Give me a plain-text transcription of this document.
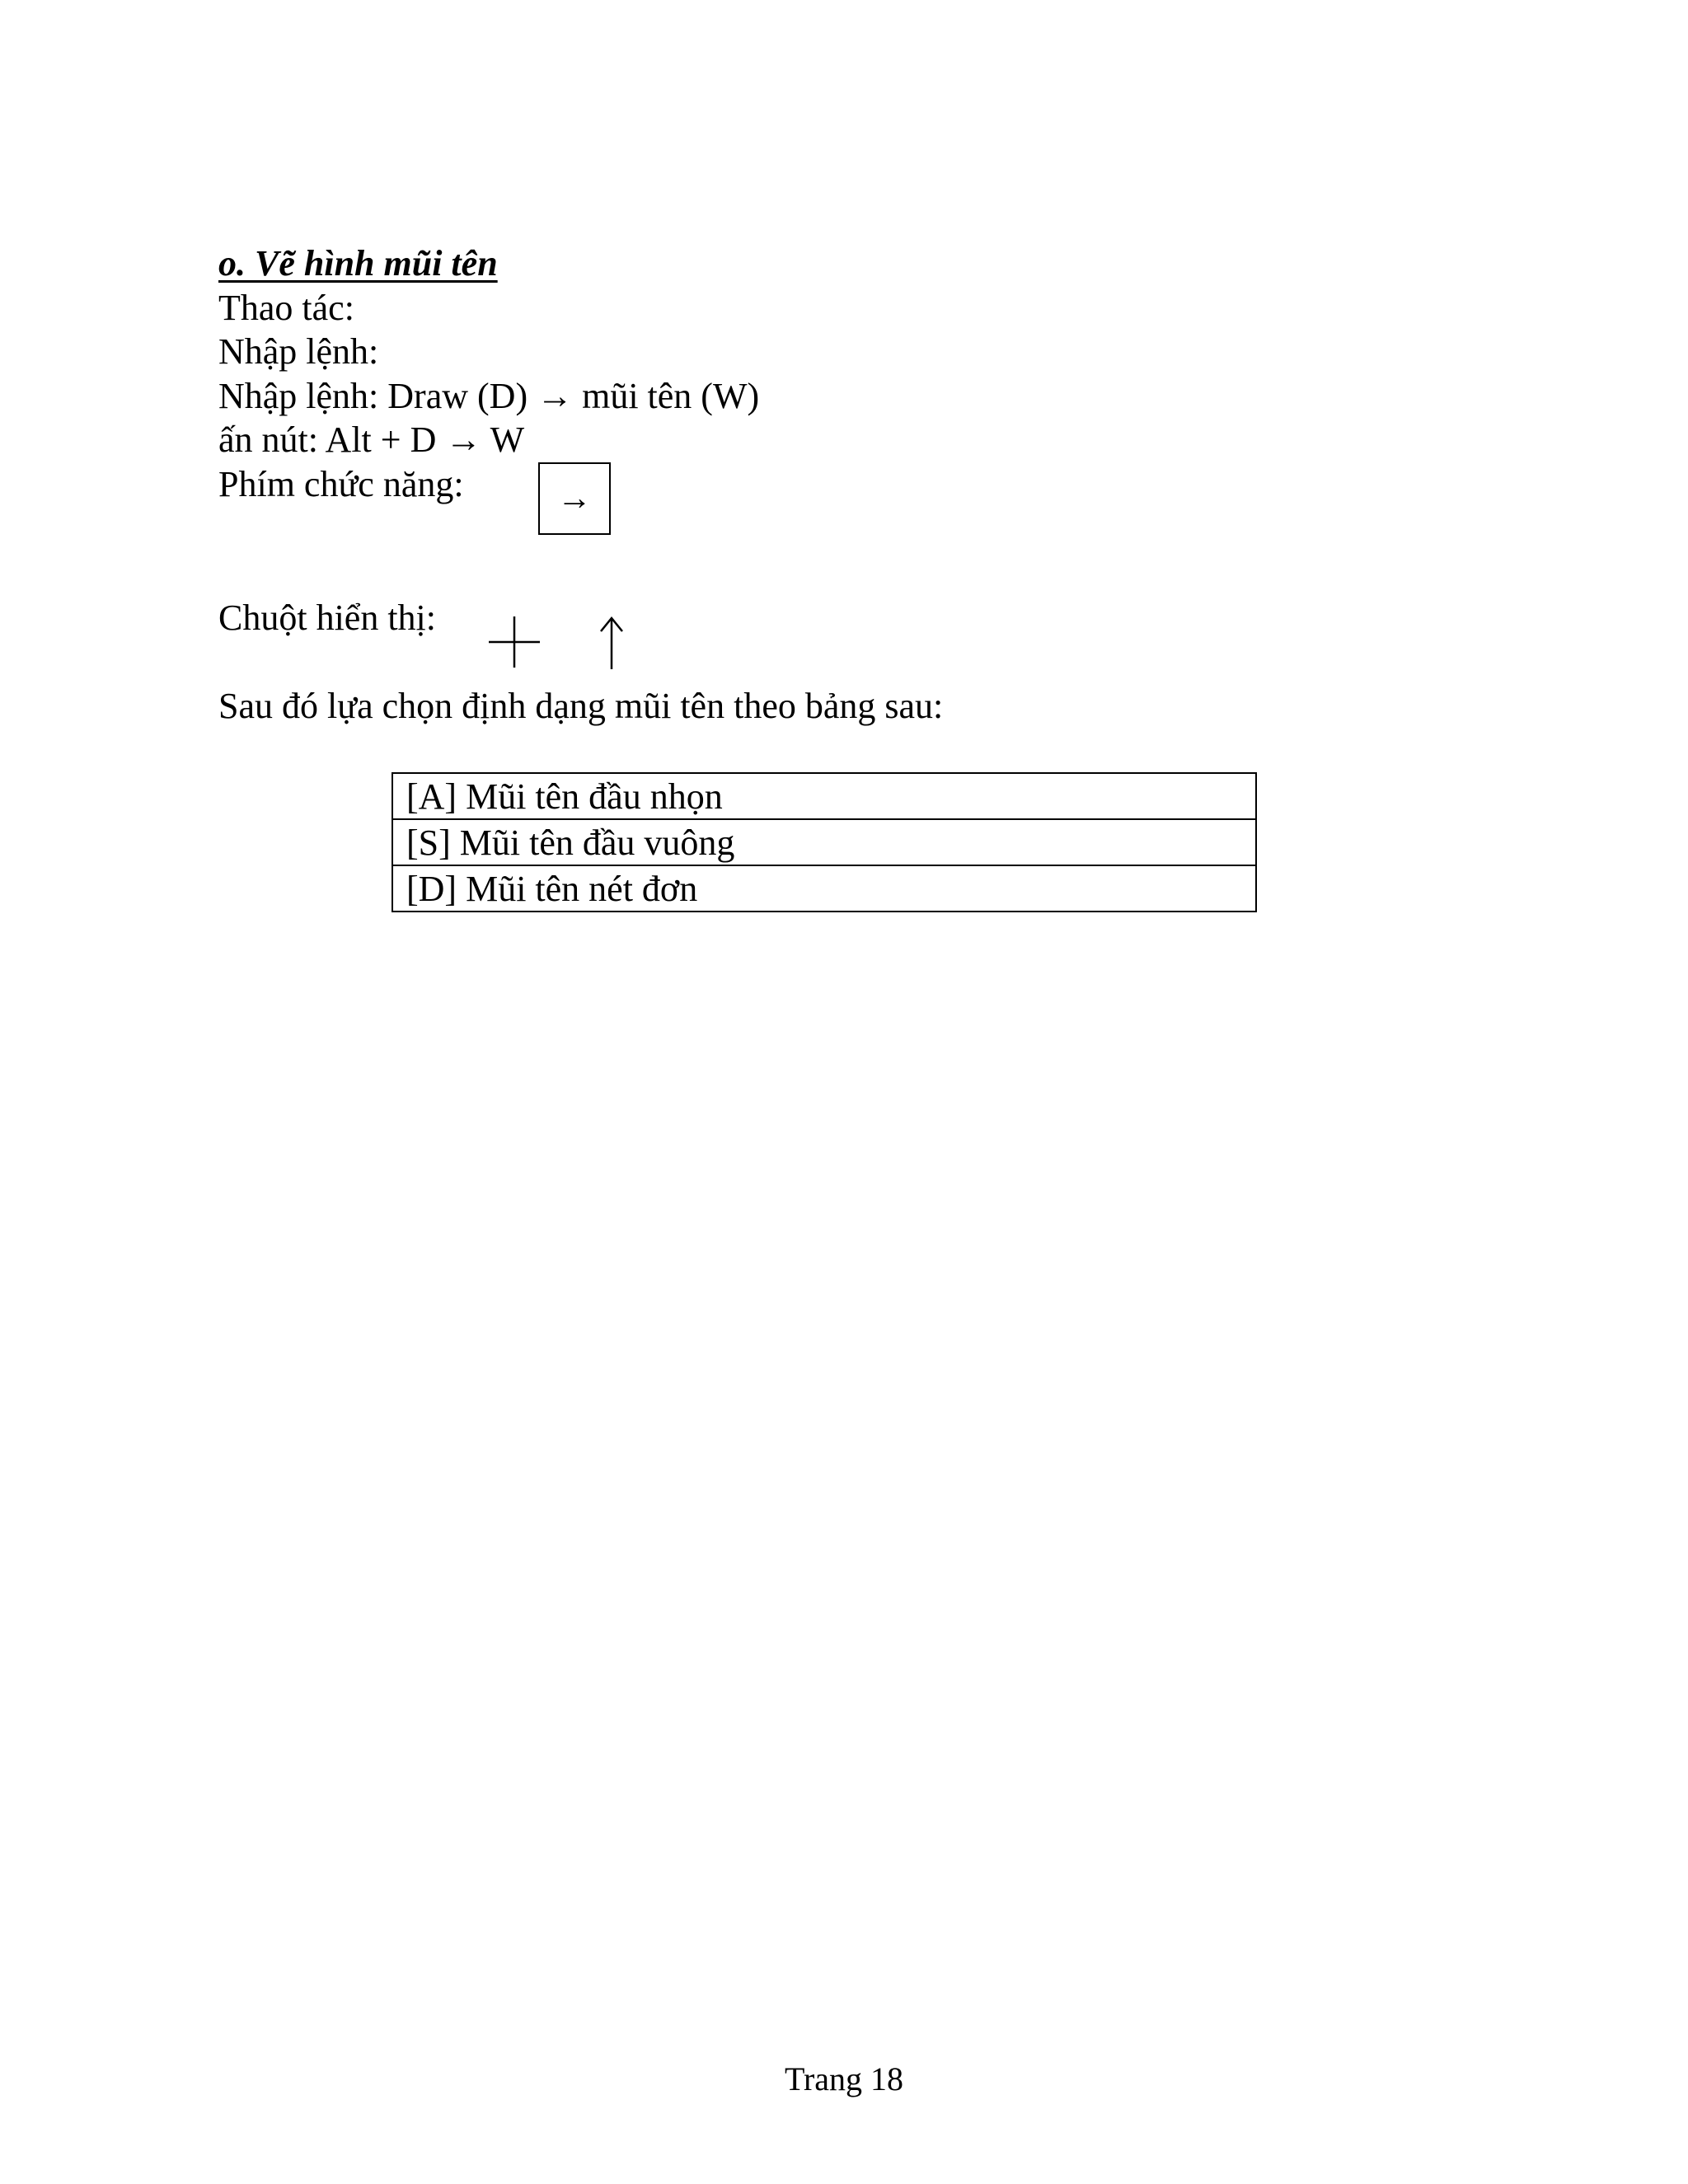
o. Vẽ hình mũi tên
Thao tác:
Nhập lệnh:
Nhập lệnh: Draw (D) → mũi tên (W)
ấn nút: Alt + D → W
Phím chức năng:	→
Chuột hiển thị:
Sau đó lựa chọn định dạng mũi tên theo bảng sau:
[A] Mũi tên đầu nhọn
[S] Mũi tên đầu vuông
[D] Mũi tên nét đơn
Trang 18
